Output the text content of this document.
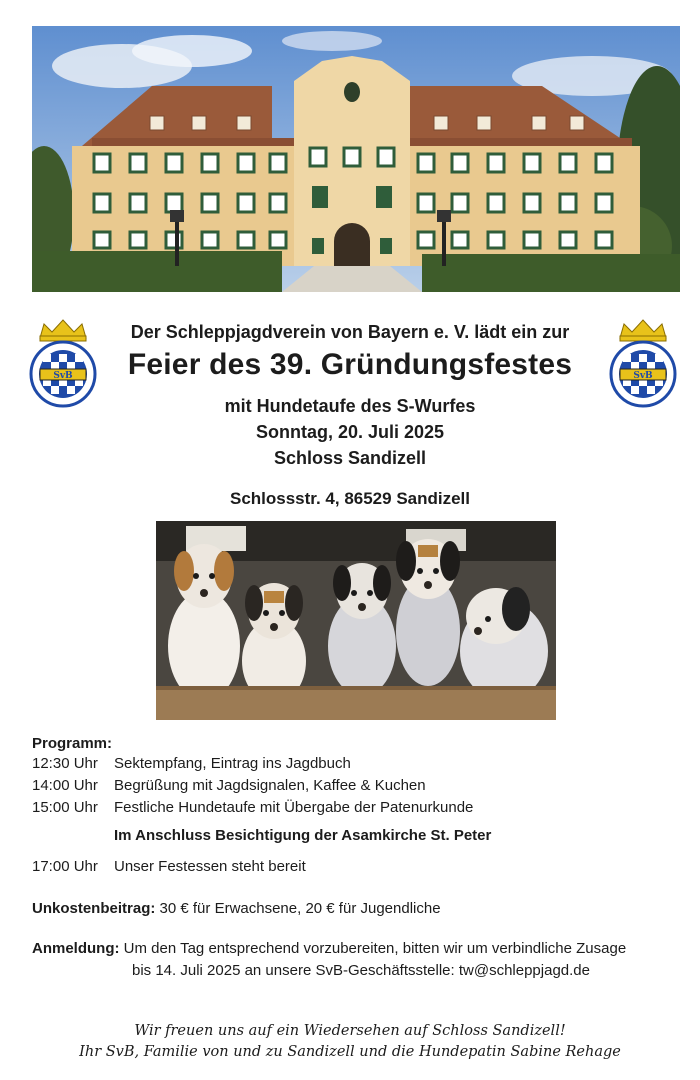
SvB	SvB

Der Schleppjagdverein von Bayern e. V. lädt ein zur

Feier des 39. Gründungsfestes

mit Hundetaufe des S-Wurfes

Sonntag, 20. Juli 2025

Schloss Sandizell

Schlossstr. 4, 86529 Sandizell

Programm:

12:30 Uhr Sektempfang, Eintrag ins Jagdbuch
14:00 Uhr Begrüßung mit Jagdsignalen, Kaffee & Kuchen
15:00 Uhr Festliche Hundetaufe mit Übergabe der Patenurkunde
Im Anschluss Besichtigung der Asamkirche St. Peter
17:00 Uhr Unser Festessen steht bereit
Unkostenbeitrag: 30 € für Erwachsene, 20 € für Jugendliche
Anmeldung: Um den Tag entsprechend vorzubereiten, bitten wir um verbindliche Zusage
bis 14. Juli 2025 an unsere SvB-Geschäftsstelle: tw@schleppjagd.de
Wir freuen uns auf ein Wiedersehen auf Schloss Sandizell!
Ihr SvB, Familie von und zu Sandizell und die Hundepatin Sabine Rehage
